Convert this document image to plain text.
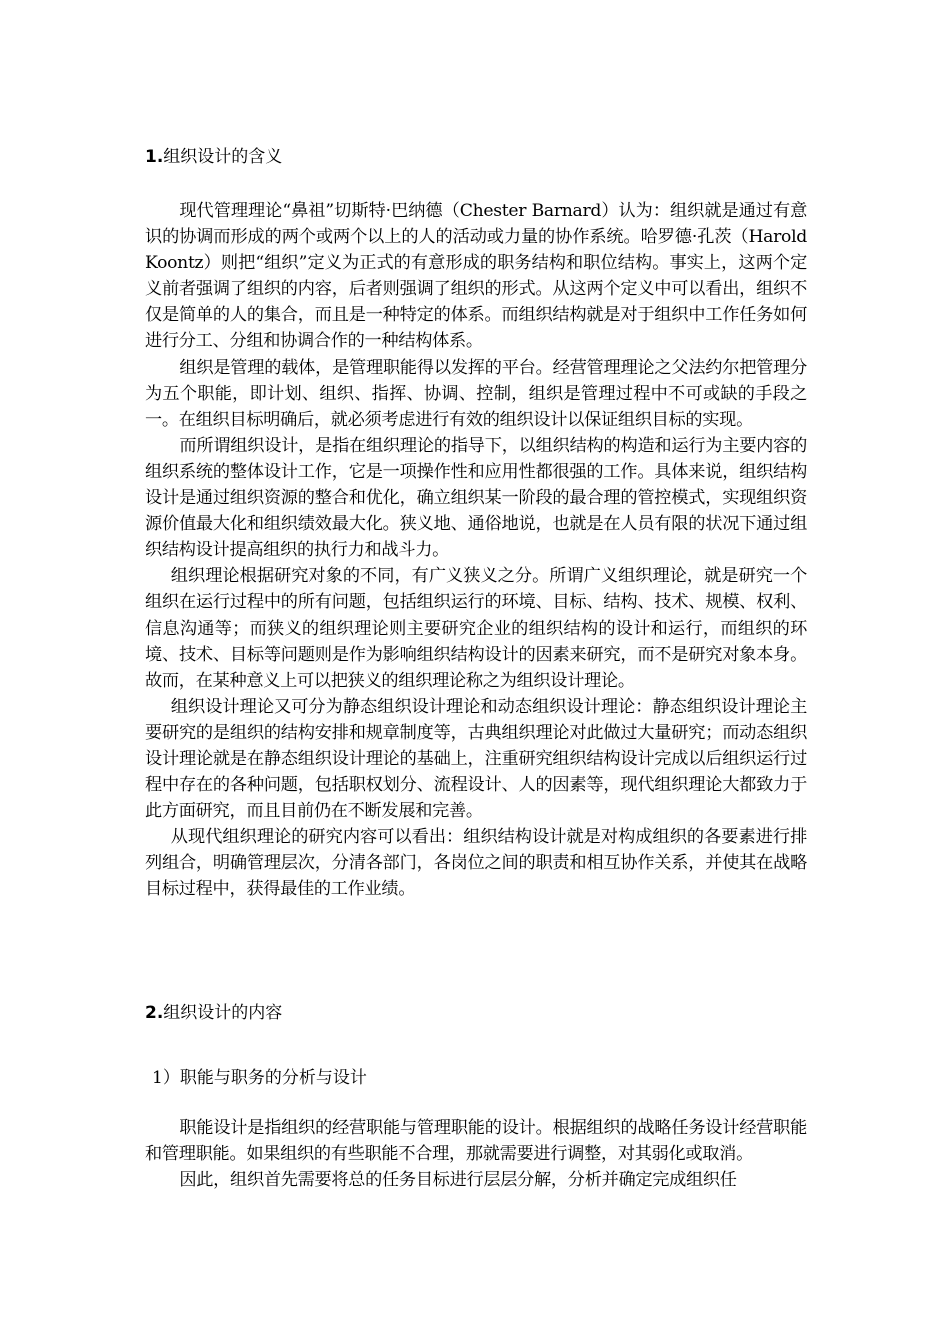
1.组织设计的含义

现代管理理论“鼻祖”切斯特·巴纳德（Chester Barnard）认为：组织就是通过有意识的协调而形成的两个或两个以上的人的活动或力量的协作系统。哈罗德·孔茨（Harold Koontz）则把“组织”定义为正式的有意形成的职务结构和职位结构。事实上，这两个定义前者强调了组织的内容，后者则强调了组织的形式。从这两个定义中可以看出，组织不仅是简单的人的集合，而且是一种特定的体系。而组织结构就是对于组织中工作任务如何进行分工、分组和协调合作的一种结构体系。

组织是管理的载体，是管理职能得以发挥的平台。经营管理理论之父法约尔把管理分为五个职能，即计划、组织、指挥、协调、控制，组织是管理过程中不可或缺的手段之一。在组织目标明确后，就必须考虑进行有效的组织设计以保证组织目标的实现。

而所谓组织设计，是指在组织理论的指导下，以组织结构的构造和运行为主要内容的组织系统的整体设计工作，它是一项操作性和应用性都很强的工作。具体来说，组织结构设计是通过组织资源的整合和优化，确立组织某一阶段的最合理的管控模式，实现组织资源价值最大化和组织绩效最大化。狭义地、通俗地说，也就是在人员有限的状况下通过组织结构设计提高组织的执行力和战斗力。

组织理论根据研究对象的不同，有广义狭义之分。所谓广义组织理论，就是研究一个组织在运行过程中的所有问题，包括组织运行的环境、目标、结构、技术、规模、权利、信息沟通等；而狭义的组织理论则主要研究企业的组织结构的设计和运行，而组织的环境、技术、目标等问题则是作为影响组织结构设计的因素来研究，而不是研究对象本身。故而，在某种意义上可以把狭义的组织理论称之为组织设计理论。

组织设计理论又可分为静态组织设计理论和动态组织设计理论：静态组织设计理论主要研究的是组织的结构安排和规章制度等，古典组织理论对此做过大量研究；而动态组织设计理论就是在静态组织设计理论的基础上，注重研究组织结构设计完成以后组织运行过程中存在的各种问题，包括职权划分、流程设计、人的因素等，现代组织理论大都致力于此方面研究，而且目前仍在不断发展和完善。

从现代组织理论的研究内容可以看出：组织结构设计就是对构成组织的各要素进行排列组合，明确管理层次，分清各部门，各岗位之间的职责和相互协作关系，并使其在战略目标过程中，获得最佳的工作业绩。

2.组织设计的内容
1）职能与职务的分析与设计

职能设计是指组织的经营职能与管理职能的设计。根据组织的战略任务设计经营职能和管理职能。如果组织的有些职能不合理，那就需要进行调整，对其弱化或取消。

因此，组织首先需要将总的任务目标进行层层分解，分析并确定完成组织任
